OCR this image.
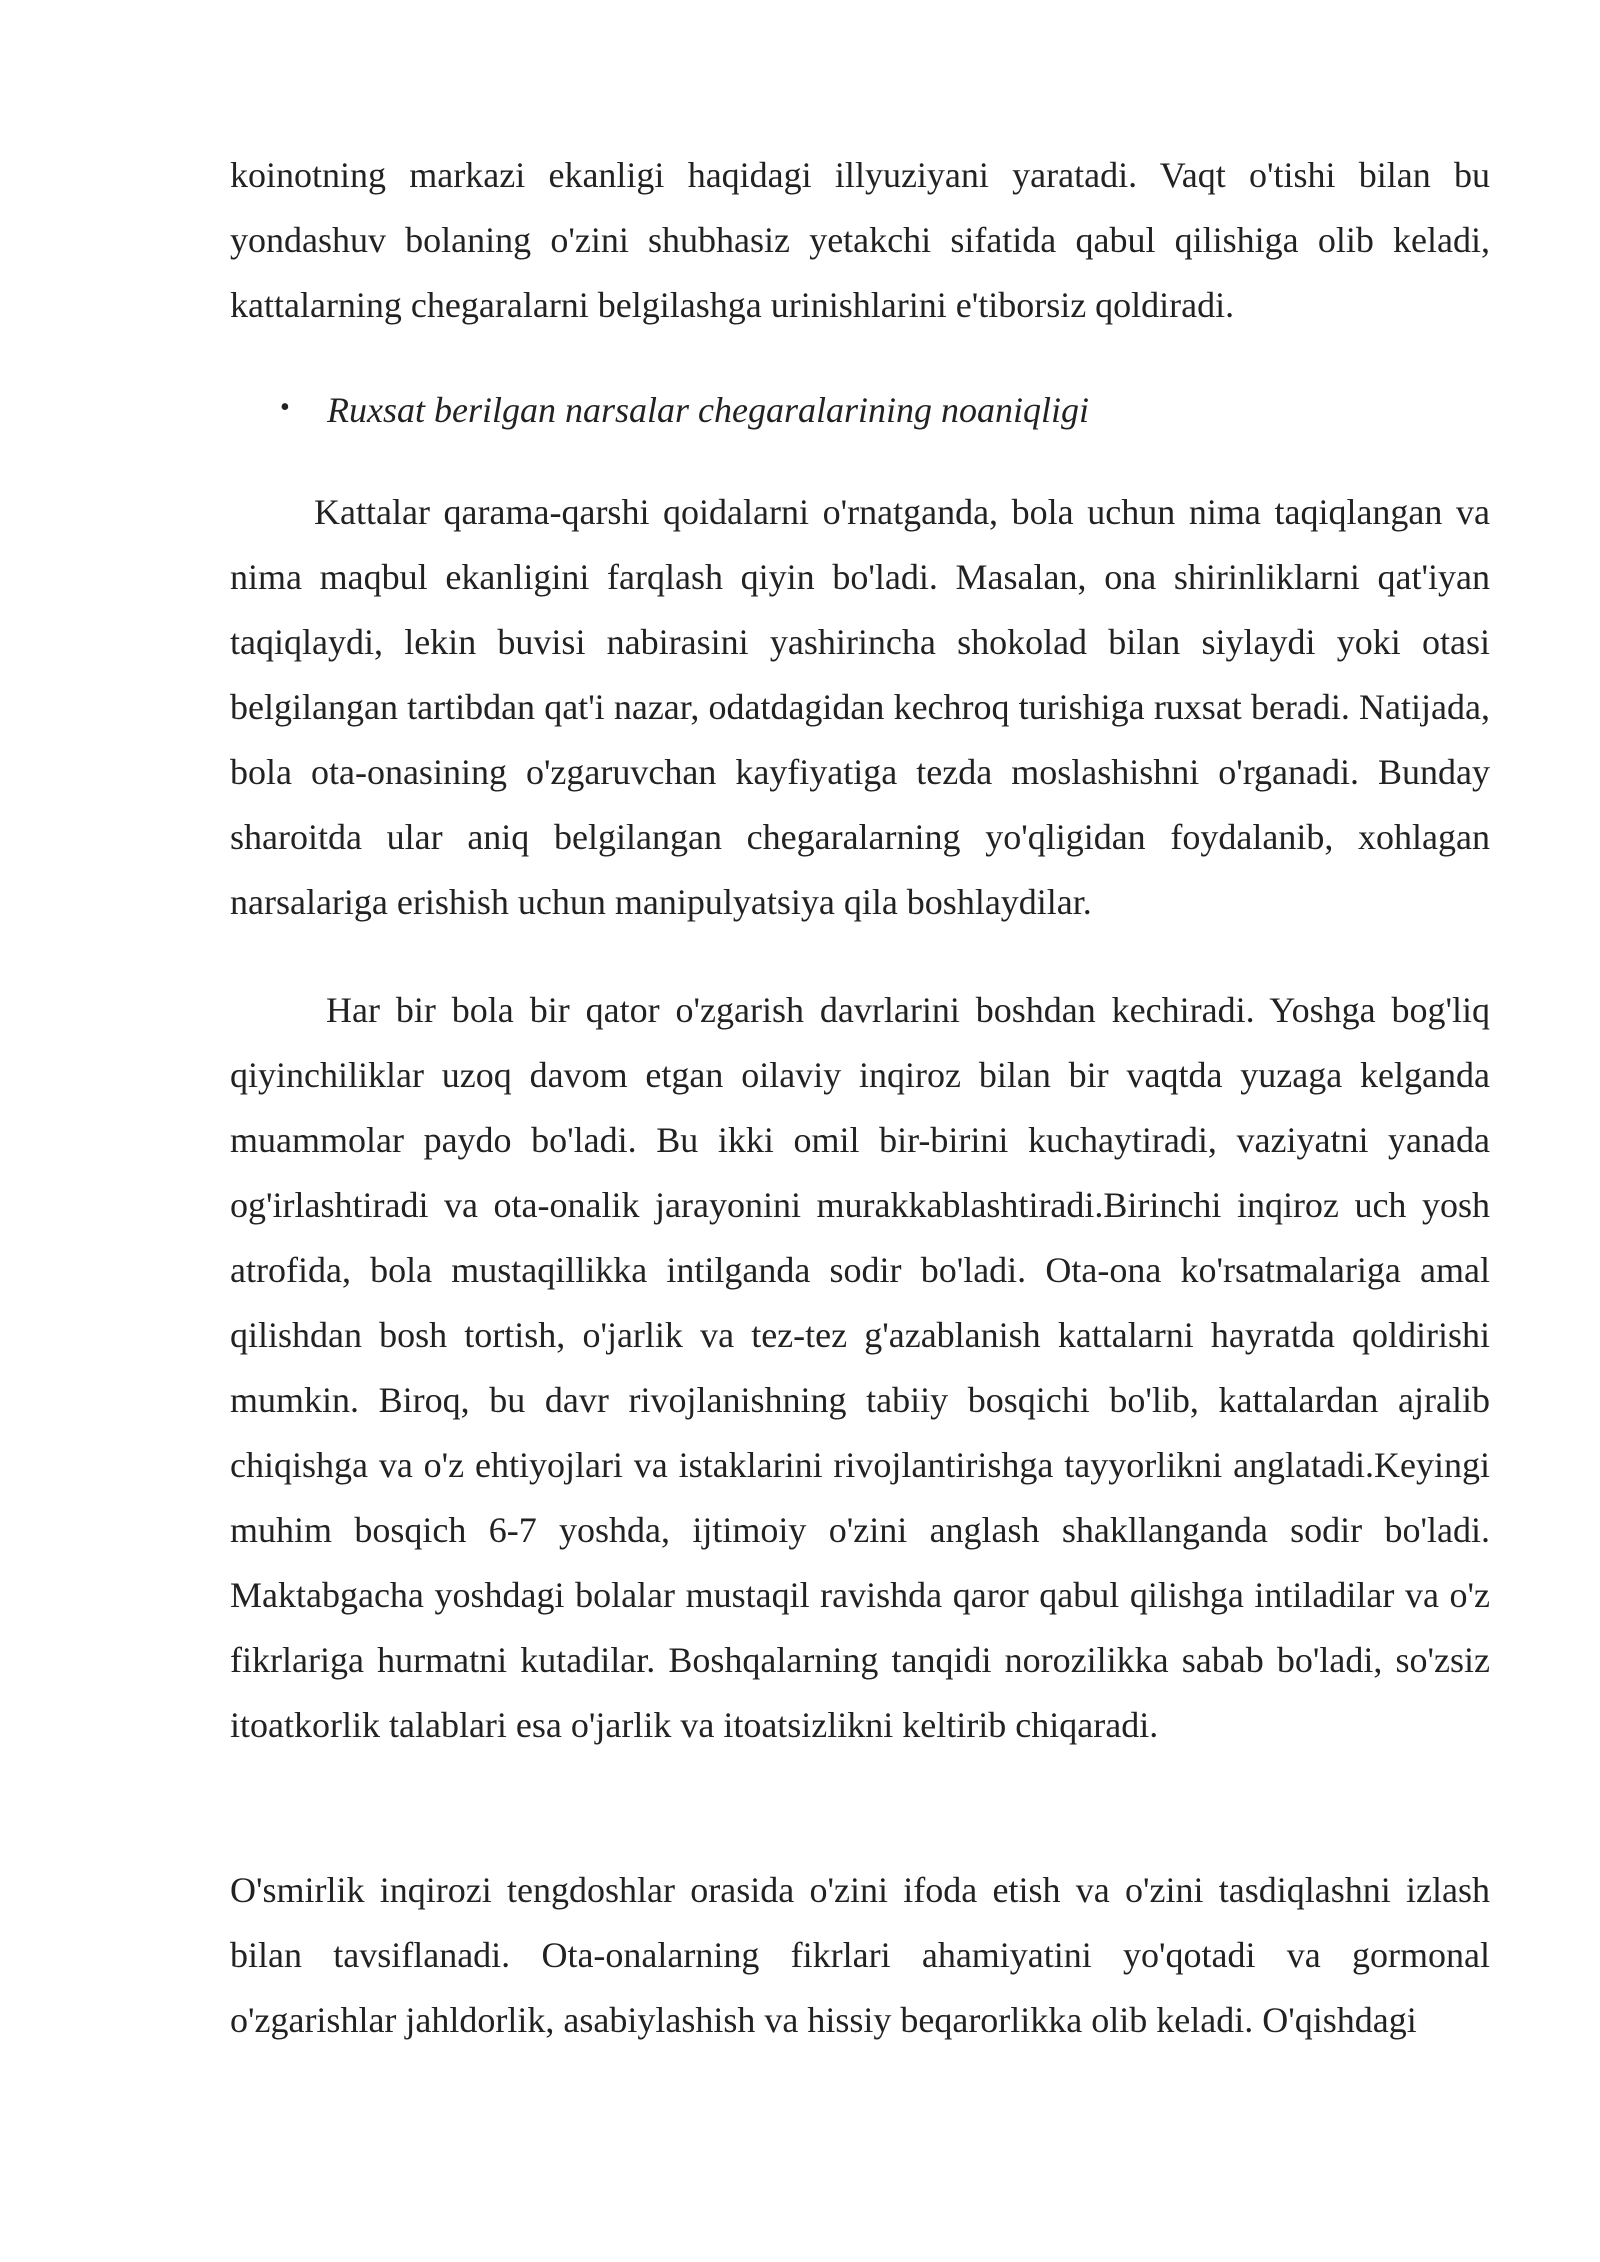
koinotning markazi ekanligi haqidagi illyuziyani yaratadi. Vaqt o'tishi bilan bu yondashuv bolaning o'zini shubhasiz yetakchi sifatida qabul qilishiga olib keladi, kattalarning chegaralarni belgilashga urinishlarini e'tiborsiz qoldiradi.

• Ruxsat berilgan narsalar chegaralarining noaniqligi

Kattalar qarama-qarshi qoidalarni o'rnatganda, bola uchun nima taqiqlangan va nima maqbul ekanligini farqlash qiyin bo'ladi. Masalan, ona shirinliklarni qat'iyan taqiqlaydi, lekin buvisi nabirasini yashirincha shokolad bilan siylaydi yoki otasi belgilangan tartibdan qat'i nazar, odatdagidan kechroq turishiga ruxsat beradi. Natijada, bola ota-onasining o'zgaruvchan kayfiyatiga tezda moslashishni o'rganadi. Bunday sharoitda ular aniq belgilangan chegaralarning yo'qligidan foydalanib, xohlagan narsalariga erishish uchun manipulyatsiya qila boshlaydilar.

Har bir bola bir qator o'zgarish davrlarini boshdan kechiradi. Yoshga bog'liq qiyinchiliklar uzoq davom etgan oilaviy inqiroz bilan bir vaqtda yuzaga kelganda muammolar paydo bo'ladi. Bu ikki omil bir-birini kuchaytiradi, vaziyatni yanada og'irlashtiradi va ota-onalik jarayonini murakkablashtiradi.Birinchi inqiroz uch yosh atrofida, bola mustaqillikka intilganda sodir bo'ladi. Ota-ona ko'rsatmalariga amal qilishdan bosh tortish, o'jarlik va tez-tez g'azablanish kattalarni hayratda qoldirishi mumkin. Biroq, bu davr rivojlanishning tabiiy bosqichi bo'lib, kattalardan ajralib chiqishga va o'z ehtiyojlari va istaklarini rivojlantirishga tayyorlikni anglatadi.Keyingi muhim bosqich 6-7 yoshda, ijtimoiy o'zini anglash shakllanganda sodir bo'ladi. Maktabgacha yoshdagi bolalar mustaqil ravishda qaror qabul qilishga intiladilar va o'z fikrlariga hurmatni kutadilar. Boshqalarning tanqidi norozilikka sabab bo'ladi, so'zsiz itoatkorlik talablari esa o'jarlik va itoatsizlikni keltirib chiqaradi.

O'smirlik inqirozi tengdoshlar orasida o'zini ifoda etish va o'zini tasdiqlashni izlash bilan tavsiflanadi. Ota-onalarning fikrlari ahamiyatini yo'qotadi va gormonal o'zgarishlar jahldorlik, asabiylashish va hissiy beqarorlikka olib keladi. O'qishdagi
